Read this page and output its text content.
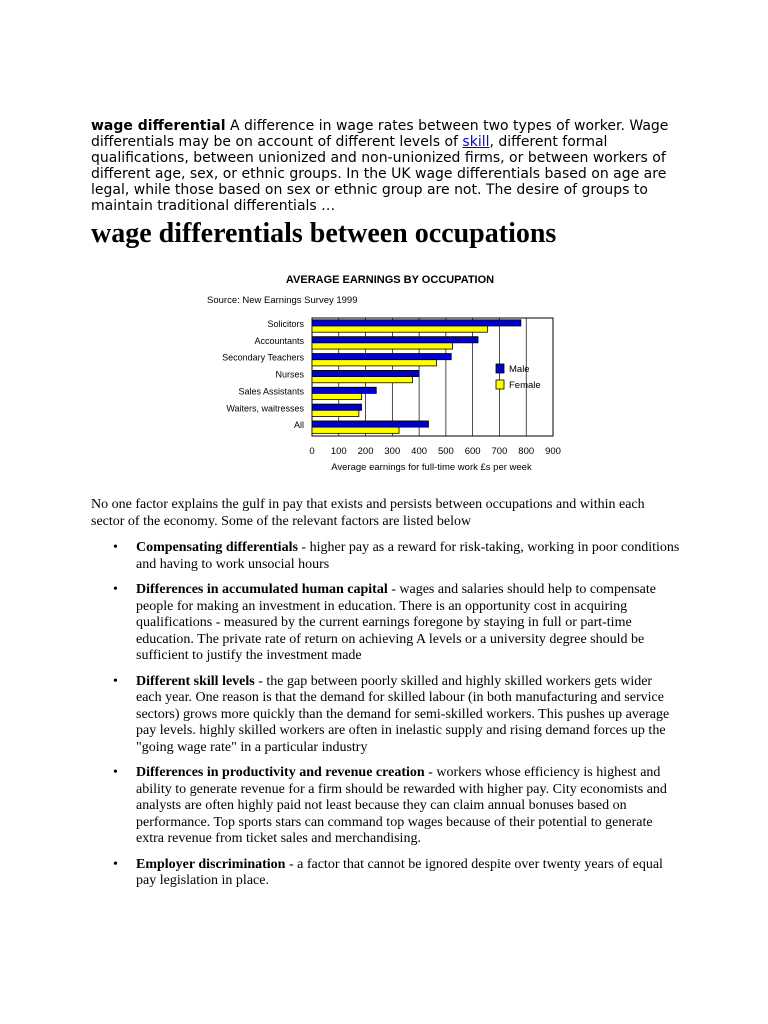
wage differential A difference in wage rates between two types of worker. Wage differentials may be on account of different levels of skill, different formal qualifications, between unionized and non-unionized firms, or between workers of different age, sex, or ethnic groups. In the UK wage differentials based on age are legal, while those based on sex or ethnic group are not. The desire of groups to maintain traditional differentials …
wage differentials between occupations
AVERAGE EARNINGS BY OCCUPATION
Source: New Earnings Survey 1999
0 100 200 300 400 500 600 700 800 900
Solicitors
Accountants
Secondary Teachers
Nurses
Sales Assistants
Waiters, waitresses
All
Male
Female
Average earnings for full-time work £s per week

No one factor explains the gulf in pay that exists and persists between occupations and within each sector of the economy. Some of the relevant factors are listed below

• Compensating differentials - higher pay as a reward for risk-taking, working in poor conditions and having to work unsocial hours
• Differences in accumulated human capital - wages and salaries should help to compensate people for making an investment in education. There is an opportunity cost in acquiring qualifications - measured by the current earnings foregone by staying in full or part-time education. The private rate of return on achieving A levels or a university degree should be sufficient to justify the investment made
• Different skill levels - the gap between poorly skilled and highly skilled workers gets wider each year. One reason is that the demand for skilled labour (in both manufacturing and service sectors) grows more quickly than the demand for semi-skilled workers. This pushes up average pay levels. highly skilled workers are often in inelastic supply and rising demand forces up the "going wage rate" in a particular industry
• Differences in productivity and revenue creation - workers whose efficiency is highest and ability to generate revenue for a firm should be rewarded with higher pay. City economists and analysts are often highly paid not least because they can claim annual bonuses based on performance. Top sports stars can command top wages because of their potential to generate extra revenue from ticket sales and merchandising.
• Employer discrimination - a factor that cannot be ignored despite over twenty years of equal pay legislation in place.
